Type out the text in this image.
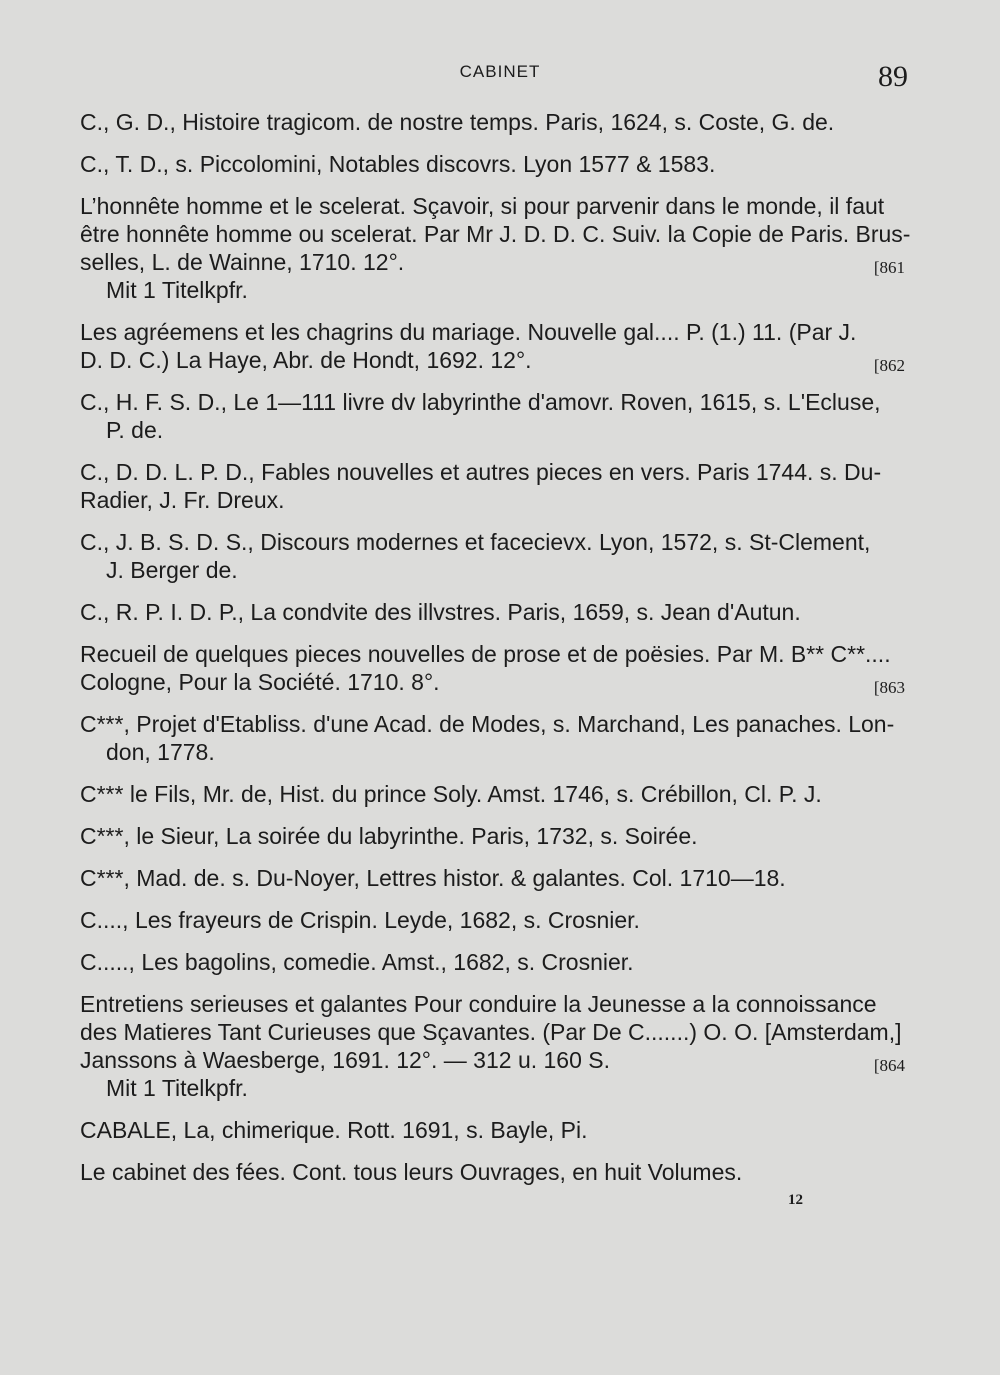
CABINET	89
C., G. D., Histoire tragicom. de nostre temps. Paris, 1624, s. Coste, G. de.
C., T. D., s. Piccolomini, Notables discovrs. Lyon 1577 & 1583.
L’honnête homme et le scelerat. Sçavoir, si pour parvenir dans le monde, il faut
être honnête homme ou scelerat. Par Mr J. D. D. C. Suiv. la Copie de Paris. Brus-
selles, L. de Wainne, 1710. 12°.
Mit 1 Titelkpfr.
[861
Les agréemens et les chagrins du mariage. Nouvelle gal.... P. (1.) 11. (Par J.
D. D. C.) La Haye, Abr. de Hondt, 1692. 12°.	[862
C., H. F. S. D., Le 1—111 livre dv labyrinthe d'amovr. Roven, 1615, s. L'Ecluse,
P. de.
C., D. D. L. P. D., Fables nouvelles et autres pieces en vers. Paris 1744. s. Du-
Radier, J. Fr. Dreux.
C., J. B. S. D. S., Discours modernes et facecievx. Lyon, 1572, s. St-Clement,
J. Berger de.
C., R. P. I. D. P., La condvite des illvstres. Paris, 1659, s. Jean d'Autun.
Recueil de quelques pieces nouvelles de prose et de poësies. Par M. B** C**....
Cologne, Pour la Société. 1710. 8°.	[863
C***, Projet d'Etabliss. d'une Acad. de Modes, s. Marchand, Les panaches. Lon-
don, 1778.
C*** le Fils, Mr. de, Hist. du prince Soly. Amst. 1746, s. Crébillon, Cl. P. J.
C***, le Sieur, La soirée du labyrinthe. Paris, 1732, s. Soirée.
C***, Mad. de. s. Du-Noyer, Lettres histor. & galantes. Col. 1710—18.
C...., Les frayeurs de Crispin. Leyde, 1682, s. Crosnier.
C....., Les bagolins, comedie. Amst., 1682, s. Crosnier.
Entretiens serieuses et galantes Pour conduire la Jeunesse a la connoissance
des Matieres Tant Curieuses que Sçavantes. (Par De C.......) O. O. [Amsterdam,]
Janssons à Waesberge, 1691. 12°. — 312 u. 160 S.
Mit 1 Titelkpfr.
[864
CABALE, La, chimerique. Rott. 1691, s. Bayle, Pi.
Le cabinet des fées. Cont. tous leurs Ouvrages, en huit Volumes.
12
